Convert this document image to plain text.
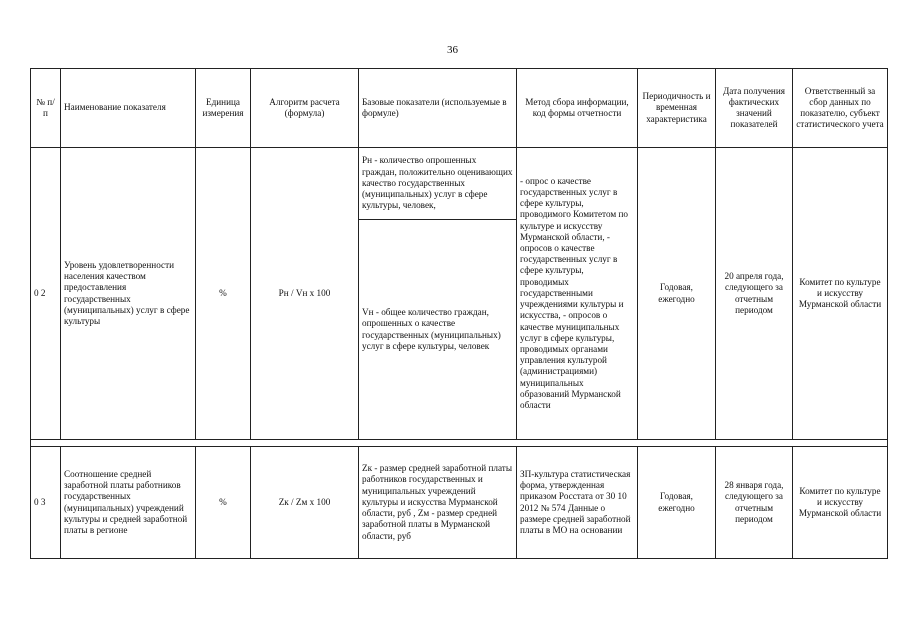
36
№ п/п	Наименование показателя	Единица измерения	Алгоритм расчета (формула)	Базовые показатели (используемые в формуле)	Метод сбора информации, код формы отчетности	Периодичность и временная характеристика	Дата получения фактических значений показателей	Ответственный за сбор данных по показателю, субъект статистического учета
0 2	Уровень удовлетворенности населения качеством предоставления государственных (муниципальных) услуг в сфере культуры	%	Pн / Vн x 100	Pн - количество опрошенных граждан, положительно оценивающих качество государственных (муниципальных) услуг в сфере культуры, человек,	- опрос о качестве государственных услуг в сфере культуры, проводимого Комитетом по культуре и искусству Мурманской области, - опросов о качестве государственных услуг в сфере культуры, проводимых государственными учреждениями культуры и искусства, - опросов о качестве муниципальных услуг в сфере культуры, проводимых органами управления культурой (администрациями) муниципальных образований Мурманской области	Годовая, ежегодно	20 апреля года, следующего за отчетным периодом	Комитет по культуре и искусству Мурманской области
				Vн - общее количество граждан, опрошенных о качестве государственных (муниципальных) услуг в сфере культуры, человек				

0 3	Соотношение средней заработной платы работников государственных (муниципальных) учреждений культуры и средней заработной платы в регионе	%	Zк / Zм x 100	Zк - размер средней заработной платы работников государственных и муниципальных учреждений культуры и искусства Мурманской области, руб , Zм - размер средней заработной платы в Мурманской области, руб	ЗП-культура статистическая форма, утвержденная приказом Росстата от 30 10 2012 № 574 Данные о размере средней заработной платы в МО на основании	Годовая, ежегодно	28 января года, следующего за отчетным периодом	Комитет по культуре и искусству Мурманской области
